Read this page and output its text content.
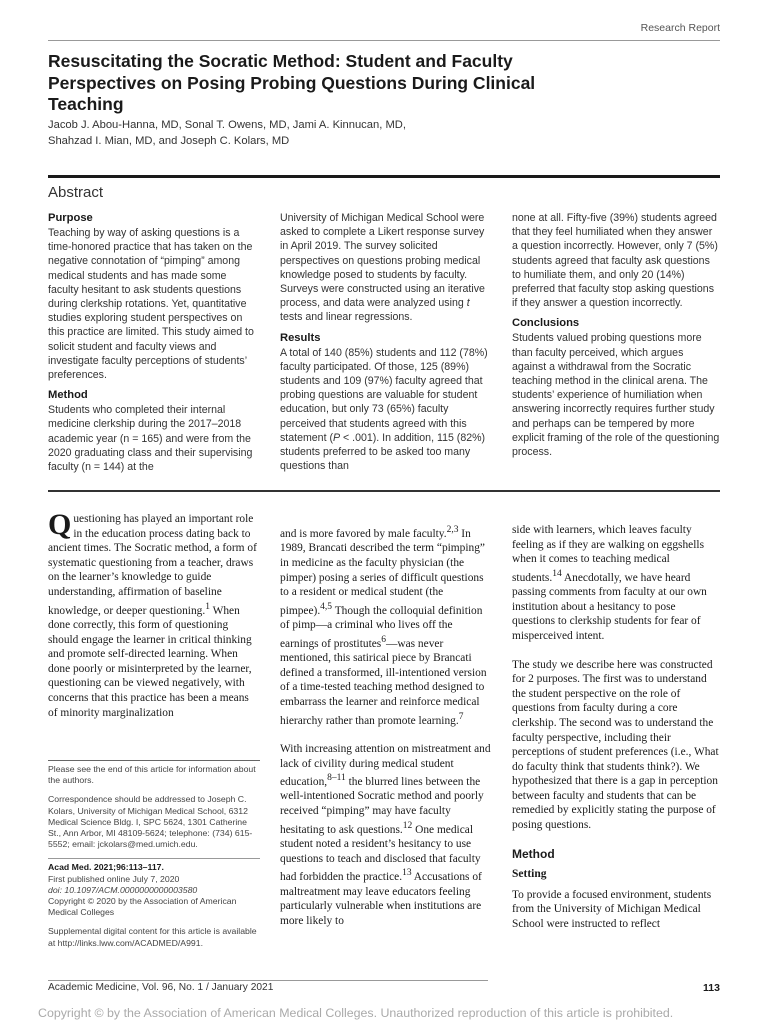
Research Report
Resuscitating the Socratic Method: Student and Faculty Perspectives on Posing Probing Questions During Clinical Teaching
Jacob J. Abou-Hanna, MD, Sonal T. Owens, MD, Jami A. Kinnucan, MD,
Shahzad I. Mian, MD, and Joseph C. Kolars, MD
Abstract
Purpose

Teaching by way of asking questions is a time-honored practice that has taken on the negative connotation of “pimping” among medical students and has made some faculty hesitant to ask students questions during clerkship rotations. Yet, quantitative studies exploring student perspectives on this practice are limited. This study aimed to solicit student and faculty views and investigate faculty perceptions of students’ preferences.

Method

Students who completed their internal medicine clerkship during the 2017–2018 academic year (n = 165) and were from the 2020 graduating class and their supervising faculty (n = 144) at the

University of Michigan Medical School were asked to complete a Likert response survey in April 2019. The survey solicited perspectives on questions probing medical knowledge posed to students by faculty. Surveys were constructed using an iterative process, and data were analyzed using t tests and linear regressions.

Results

A total of 140 (85%) students and 112 (78%) faculty participated. Of those, 125 (89%) students and 109 (97%) faculty agreed that probing questions are valuable for student education, but only 73 (65%) faculty perceived that students agreed with this statement (P < .001). In addition, 115 (82%) students preferred to be asked too many questions than

none at all. Fifty-five (39%) students agreed that they feel humiliated when they answer a question incorrectly. However, only 7 (5%) students agreed that faculty ask questions to humiliate them, and only 20 (14%) preferred that faculty stop asking questions if they answer a question incorrectly.

Conclusions

Students valued probing questions more than faculty perceived, which argues against a withdrawal from the Socratic teaching method in the clinical arena. The students’ experience of humiliation when answering incorrectly requires further study and perhaps can be tempered by more explicit framing of the role of the questioning process.

Questioning has played an important role in the education process dating back to ancient times. The Socratic method, a form of systematic questioning from a teacher, draws on the learner’s knowledge to guide understanding, affirmation of baseline knowledge, or deeper questioning.$^1$ When done correctly, this form of questioning should engage the learner in critical thinking and promote self-directed learning. When done poorly or misinterpreted by the learner, questioning can be viewed negatively, with concerns that this practice has been a means of minority marginalization

and is more favored by male faculty.$^{2,3}$ In 1989, Brancati described the term “pimping” in medicine as the faculty physician (the pimper) posing a series of difficult questions to a resident or medical student (the pimpee).$^{4,5}$ Though the colloquial definition of pimp—a criminal who lives off the earnings of prostitutes$^6$—was never mentioned, this satirical piece by Brancati defined a transformed, ill-intentioned version of a time-tested teaching method designed to embarrass the learner and reinforce medical hierarchy rather than promote learning.$^7$

With increasing attention on mistreatment and lack of civility during medical student education,$^{8-11}$ the blurred lines between the well-intentioned Socratic method and poorly received “pimping” may have faculty hesitating to ask questions.$^{12}$ One medical student noted a resident’s hesitancy to use questions to teach and disclosed that faculty had forbidden the practice.$^{13}$ Accusations of maltreatment may leave educators feeling particularly vulnerable when institutions are more likely to

side with learners, which leaves faculty feeling as if they are walking on eggshells when it comes to teaching medical students.$^{14}$ Anecdotally, we have heard passing comments from faculty at our own institution about a hesitancy to pose questions to clerkship students for fear of misperceived intent.

The study we describe here was constructed for 2 purposes. The first was to understand the student perspective on the role of questions from faculty during a core clerkship. The second was to understand the faculty perspective, including their perceptions of student preferences (i.e., What do faculty think that students think?). We hypothesized that there is a gap in perception between faculty and students that can be remedied by explicitly stating the purpose of posing questions.

Method
Setting

To provide a focused environment, students from the University of Michigan Medical School were instructed to reflect

Please see the end of this article for information about the authors.

Correspondence should be addressed to Joseph C. Kolars, University of Michigan Medical School, 6312 Medical Science Bldg. I, SPC 5624, 1301 Catherine St., Ann Arbor, MI 48109-5624; telephone: (734) 615-5552; email: jckolars@med.umich.edu.

Acad Med. 2021;96:113–117.
First published online July 7, 2020
doi: 10.1097/ACM.0000000000003580
Copyright © 2020 by the Association of American Medical Colleges

Supplemental digital content for this article is available at http://links.lww.com/ACADMED/A991.

Academic Medicine, Vol. 96, No. 1 / January 2021	113
Copyright © by the Association of American Medical Colleges. Unauthorized reproduction of this article is prohibited.
